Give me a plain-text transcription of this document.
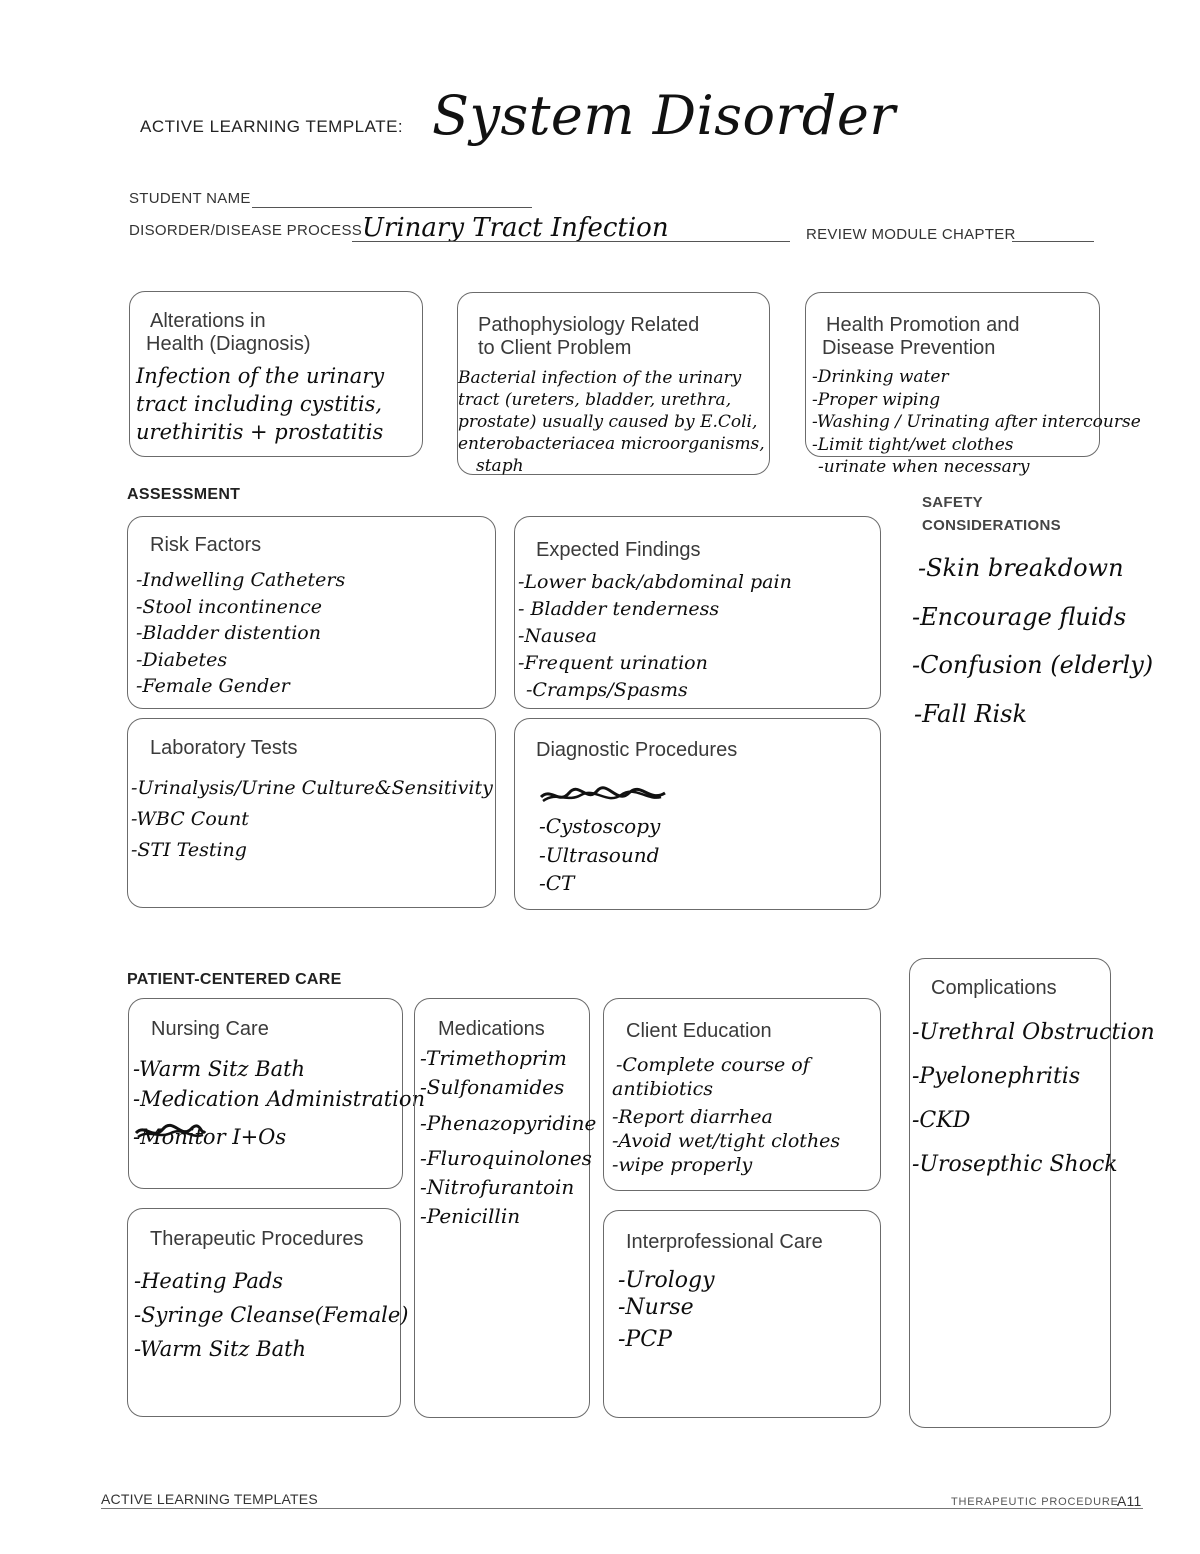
ACTIVE LEARNING TEMPLATE: System Disorder
STUDENT NAME
DISORDER/DISEASE PROCESS Urinary Tract Infection	REVIEW MODULE CHAPTER
Alterations in
Health (Diagnosis)
Infection of the urinary
tract including cystitis,
urethiritis + prostatitis
Pathophysiology Related
to Client Problem
Bacterial infection of the urinary
tract (ureters, bladder, urethra,
prostate) usually caused by E.Coli,
enterobacteriacea microorganisms,
staph
Health Promotion and
Disease Prevention
-Drinking water
-Proper wiping
-Washing / Urinating after intercourse
-Limit tight/wet clothes
-urinate when necessary
ASSESSMENT
Risk Factors
-Indwelling Catheters
-Stool incontinence
-Bladder distention
-Diabetes
-Female Gender
Expected Findings
-Lower back/abdominal pain
- Bladder tenderness
-Nausea
-Frequent urination
-Cramps/Spasms
Laboratory Tests
-Urinalysis/Urine Culture&Sensitivity
-WBC Count
-STI Testing
Diagnostic Procedures
-Cystoscopy
-Ultrasound
-CT
SAFETY
CONSIDERATIONS
-Skin breakdown
-Encourage fluids
-Confusion (elderly)
-Fall Risk
PATIENT-CENTERED CARE
Nursing Care
-Warm Sitz Bath
-Medication Administration
-Monitor I+Os
Medications
-Trimethoprim
-Sulfonamides
-Phenazopyridine
-Fluroquinolones
-Nitrofurantoin
-Penicillin
Client Education
-Complete course of
antibiotics
-Report diarrhea
-Avoid wet/tight clothes
-wipe properly
Therapeutic Procedures
-Heating Pads
-Syringe Cleanse(Female)
-Warm Sitz Bath
Interprofessional Care
-Urology
-Nurse
-PCP
Complications
-Urethral Obstruction
-Pyelonephritis
-CKD
-Urosepthic Shock
ACTIVE LEARNING TEMPLATES	THERAPEUTIC PROCEDURE
A11
